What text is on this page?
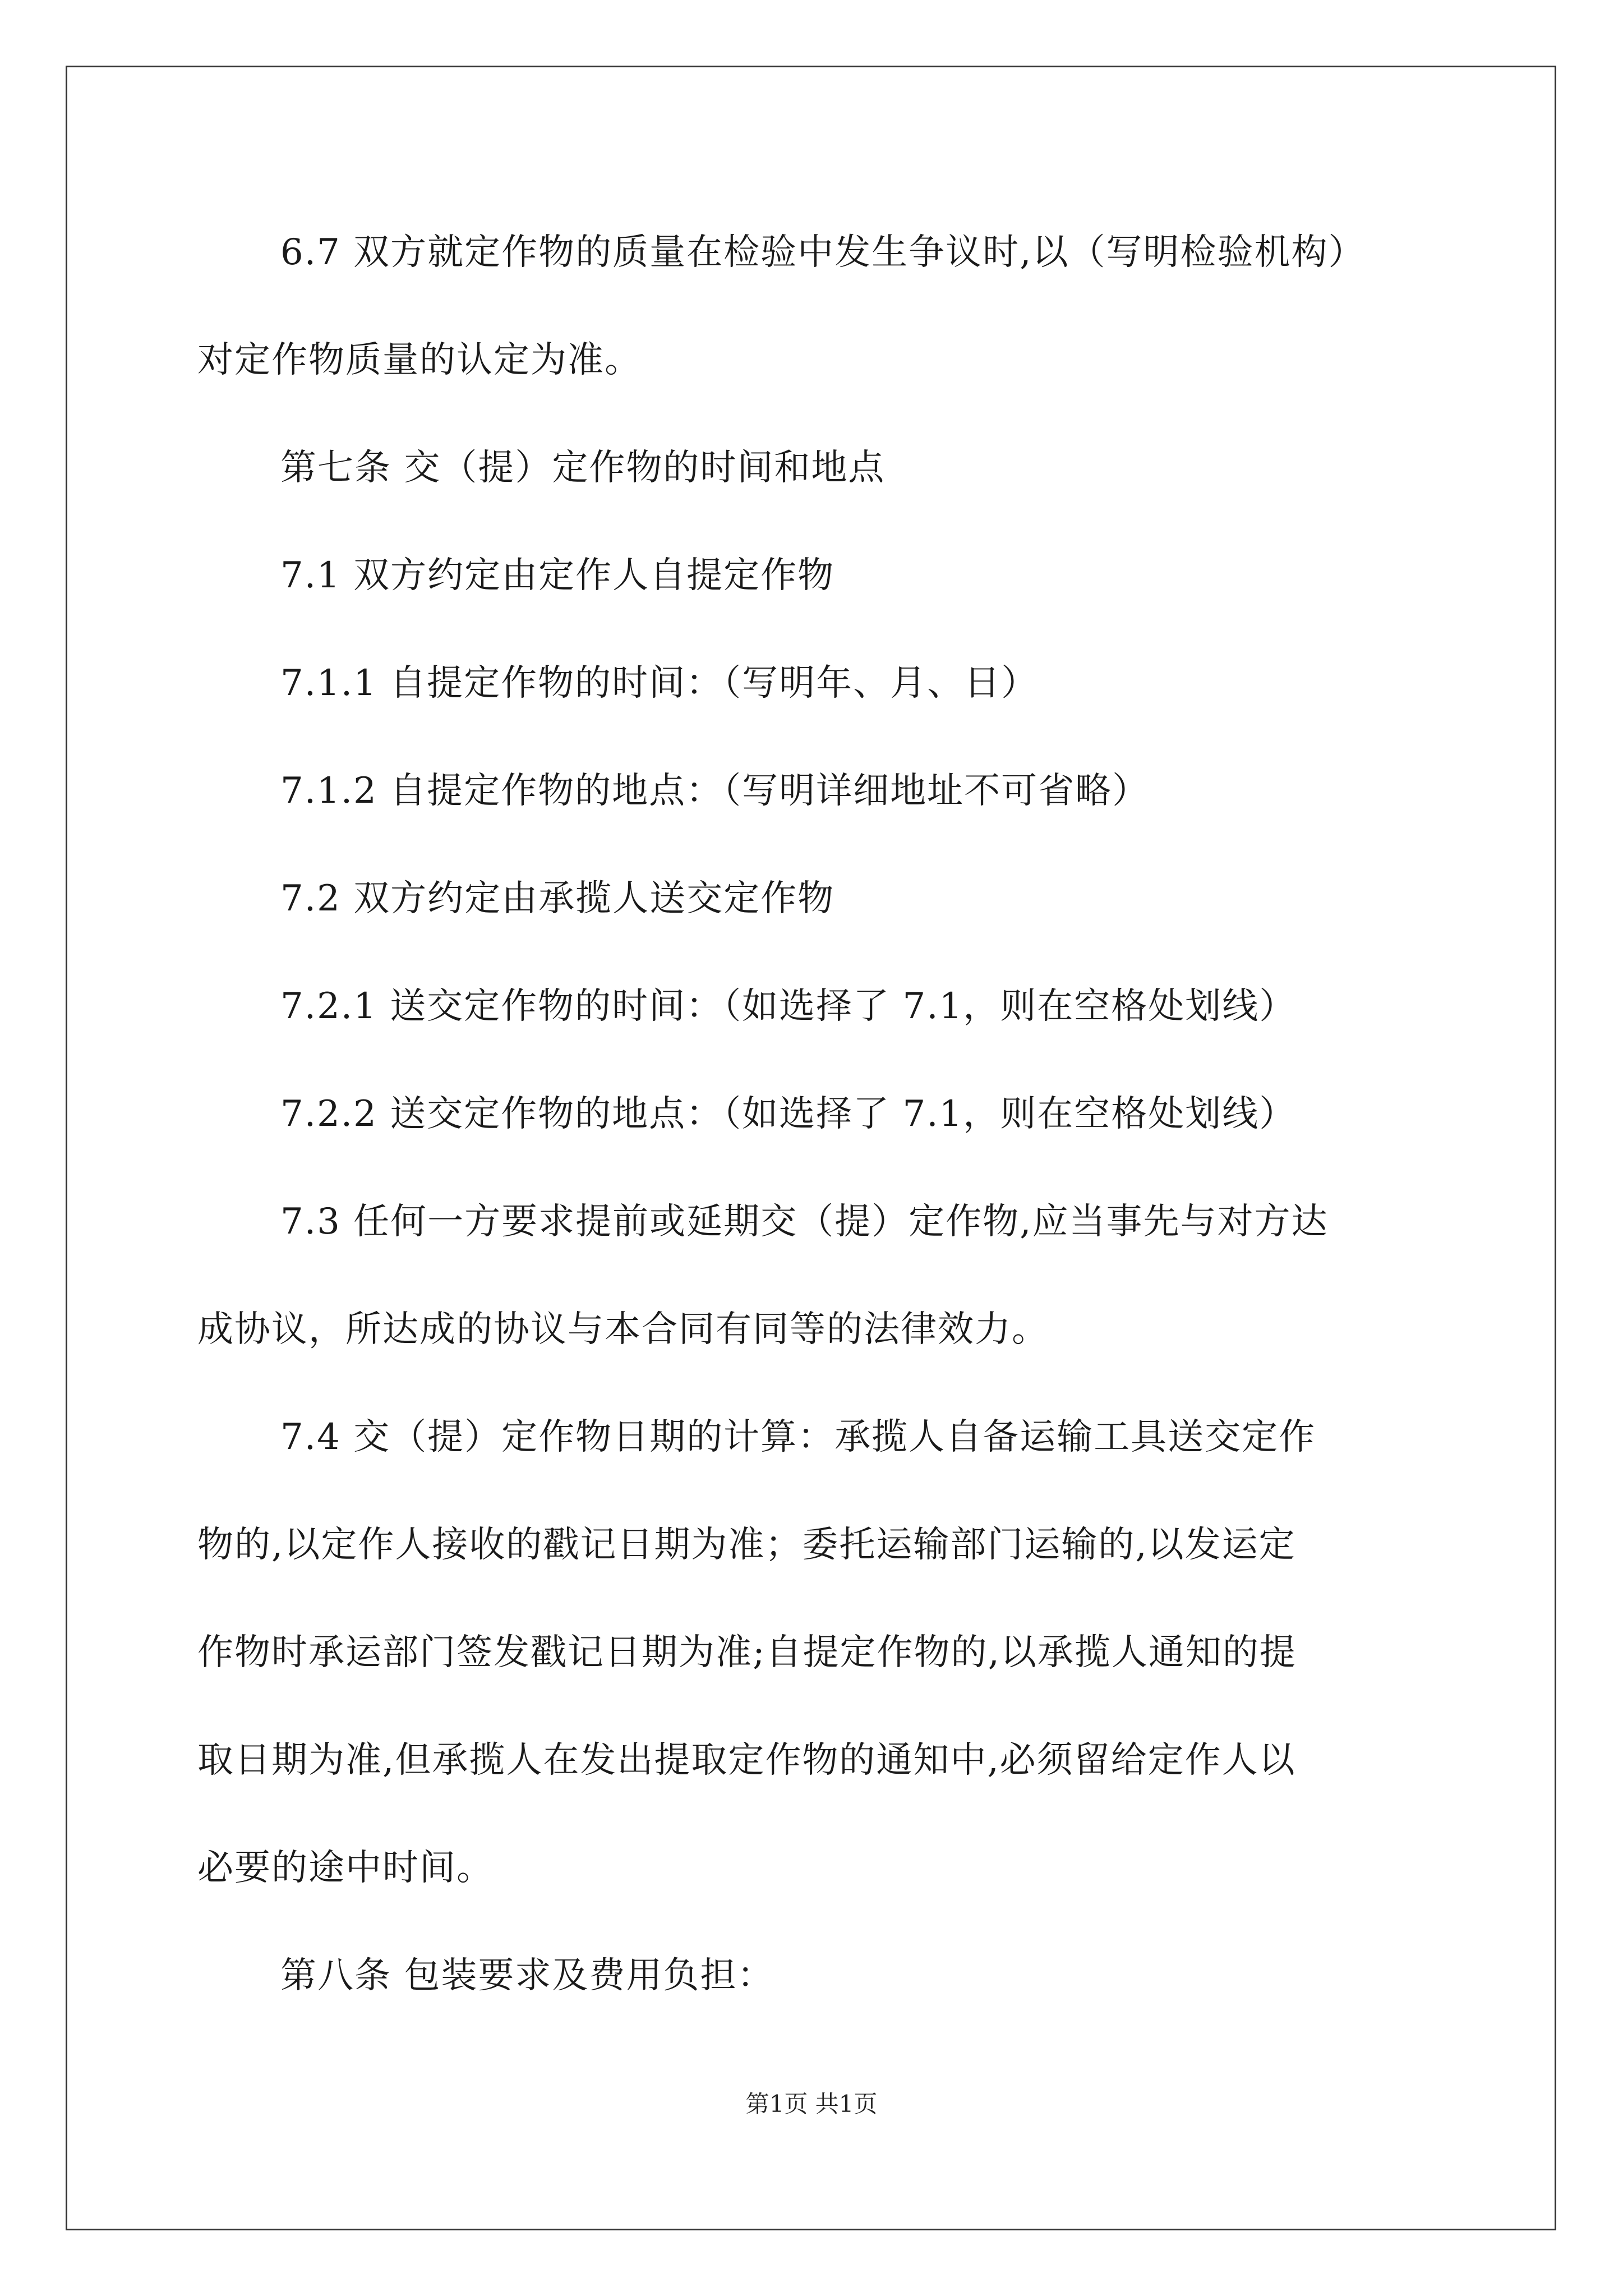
6.7 双方就定作物的质量在检验中发生争议时,以（写明检验机构）
对定作物质量的认定为准。
第七条 交（提）定作物的时间和地点
7.1 双方约定由定作人自提定作物
7.1.1 自提定作物的时间：（写明年、月、日）
7.1.2 自提定作物的地点：（写明详细地址不可省略）
7.2 双方约定由承揽人送交定作物
7.2.1 送交定作物的时间：（如选择了 7.1，则在空格处划线）
7.2.2 送交定作物的地点：（如选择了 7.1，则在空格处划线）
7.3 任何一方要求提前或延期交（提）定作物,应当事先与对方达
成协议，所达成的协议与本合同有同等的法律效力。
7.4 交（提）定作物日期的计算：承揽人自备运输工具送交定作
物的,以定作人接收的戳记日期为准；委托运输部门运输的,以发运定
作物时承运部门签发戳记日期为准;自提定作物的,以承揽人通知的提
取日期为准,但承揽人在发出提取定作物的通知中,必须留给定作人以
必要的途中时间。
第八条 包装要求及费用负担：
第1页 共1页
